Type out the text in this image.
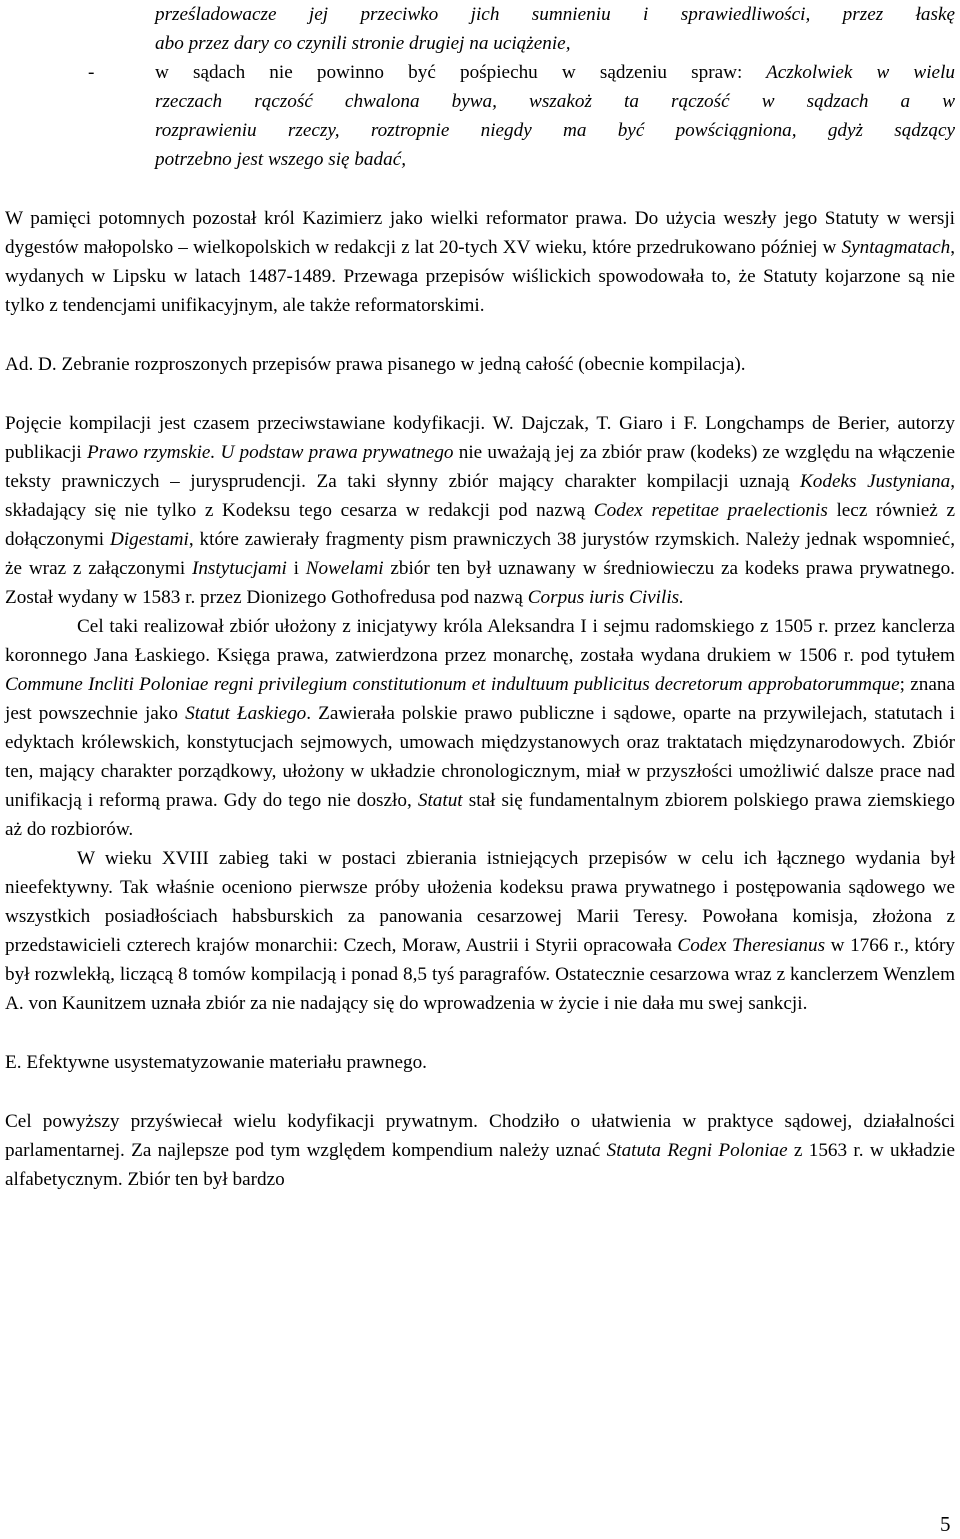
prześladowacze jej przeciwko jich sumnieniu i sprawiedliwości, przez łaskę

abo przez dary co czynili stronie drugiej na uciążenie,

-	w sądach nie powinno być pośpiechu w sądzeniu spraw: Aczkolwiek w wielu

rzeczach rączość chwalona bywa, wszakoż ta rączość w sądzach a w

rozprawieniu rzeczy, roztropnie niegdy ma być powściągniona, gdyż sądzący

potrzebno jest wszego się badać,

W pamięci potomnych pozostał król Kazimierz jako wielki reformator prawa. Do użycia weszły jego Statuty w wersji dygestów małopolsko – wielkopolskich w redakcji z lat 20-tych XV wieku, które przedrukowano później w Syntagmatach, wydanych w Lipsku w latach 1487-1489. Przewaga przepisów wiślickich spowodowała to, że Statuty kojarzone są nie tylko z tendencjami unifikacyjnym, ale także reformatorskimi.

Ad. D. Zebranie rozproszonych przepisów prawa pisanego w jedną całość (obecnie kompilacja).

Pojęcie kompilacji jest czasem przeciwstawiane kodyfikacji. W. Dajczak, T. Giaro i F. Longchamps de Berier, autorzy publikacji Prawo rzymskie. U podstaw prawa prywatnego nie uważają jej za zbiór praw (kodeks) ze względu na włączenie teksty prawniczych – jurysprudencji. Za taki słynny zbiór mający charakter kompilacji uznają Kodeks Justyniana, składający się nie tylko z Kodeksu tego cesarza w redakcji pod nazwą Codex repetitae praelectionis lecz również z dołączonymi Digestami, które zawierały fragmenty pism prawniczych 38 jurystów rzymskich. Należy jednak wspomnieć, że wraz z załączonymi Instytucjami i Nowelami zbiór ten był uznawany w średniowieczu za kodeks prawa prywatnego. Został wydany w 1583 r. przez Dionizego Gothofredusa pod nazwą Corpus iuris Civilis.

Cel taki realizował zbiór ułożony z inicjatywy króla Aleksandra I i sejmu radomskiego z 1505 r. przez kanclerza koronnego Jana Łaskiego. Księga prawa, zatwierdzona przez monarchę, została wydana drukiem w 1506 r. pod tytułem Commune Incliti Poloniae regni privilegium constitutionum et indultuum publicitus decretorum approbatorummque; znana jest powszechnie jako Statut Łaskiego. Zawierała polskie prawo publiczne i sądowe, oparte na przywilejach, statutach i edyktach królewskich, konstytucjach sejmowych, umowach międzystanowych oraz traktatach międzynarodowych. Zbiór ten, mający charakter porządkowy, ułożony w układzie chronologicznym, miał w przyszłości umożliwić dalsze prace nad unifikacją i reformą prawa. Gdy do tego nie doszło, Statut stał się fundamentalnym zbiorem polskiego prawa ziemskiego aż do rozbiorów.

W wieku XVIII zabieg taki w postaci zbierania istniejących przepisów w celu ich łącznego wydania był nieefektywny. Tak właśnie oceniono pierwsze próby ułożenia kodeksu prawa prywatnego i postępowania sądowego we wszystkich posiadłościach habsburskich za panowania cesarzowej Marii Teresy. Powołana komisja, złożona z przedstawicieli czterech krajów monarchii: Czech, Moraw, Austrii i Styrii opracowała Codex Theresianus w 1766 r., który był rozwlekłą, liczącą 8 tomów kompilacją i ponad 8,5 tyś paragrafów. Ostatecznie cesarzowa wraz z kanclerzem Wenzlem A. von Kaunitzem uznała zbiór za nie nadający się do wprowadzenia w życie i nie dała mu swej sankcji.

E. Efektywne usystematyzowanie materiału prawnego.

Cel powyższy przyświecał wielu kodyfikacji prywatnym. Chodziło o ułatwienia w praktyce sądowej, działalności parlamentarnej. Za najlepsze pod tym względem kompendium należy uznać Statuta Regni Poloniae z 1563 r. w układzie alfabetycznym. Zbiór ten był bardzo

5
